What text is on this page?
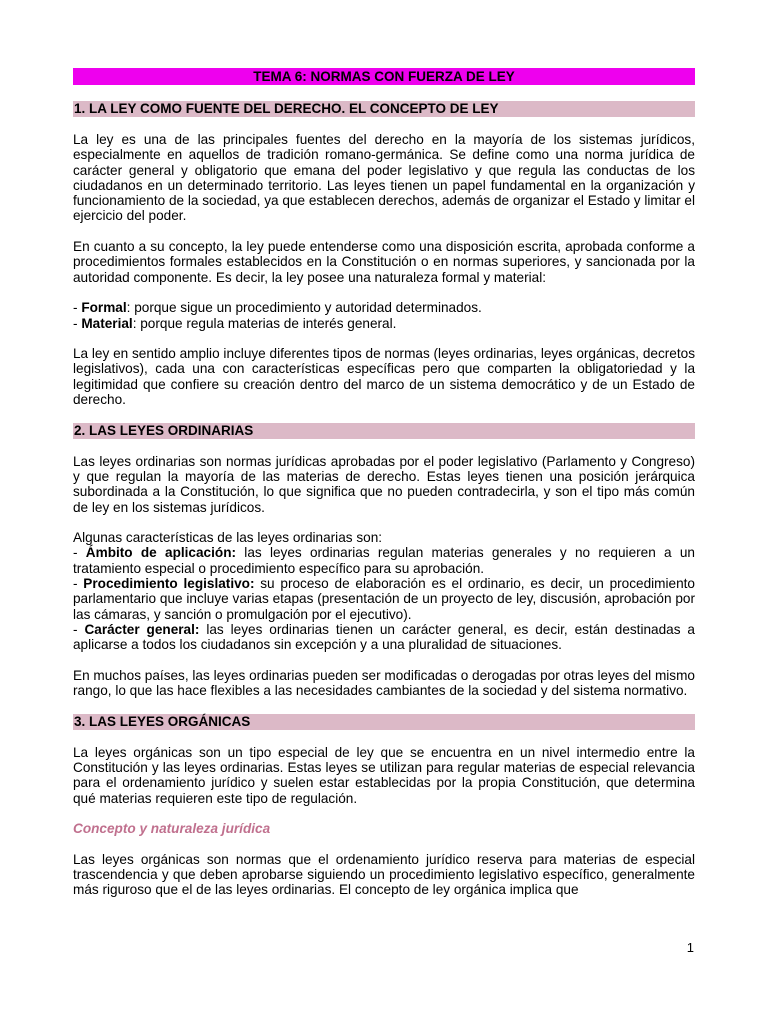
TEMA 6: NORMAS CON FUERZA DE LEY
1. LA LEY COMO FUENTE DEL DERECHO. EL CONCEPTO DE LEY

La ley es una de las principales fuentes del derecho en la mayoría de los sistemas jurídicos, especialmente en aquellos de tradición romano-germánica. Se define como una norma jurídica de carácter general y obligatorio que emana del poder legislativo y que regula las conductas de los ciudadanos en un determinado territorio. Las leyes tienen un papel fundamental en la organización y funcionamiento de la sociedad, ya que establecen derechos, además de organizar el Estado y limitar el ejercicio del poder.

En cuanto a su concepto, la ley puede entenderse como una disposición escrita, aprobada conforme a procedimientos formales establecidos en la Constitución o en normas superiores, y sancionada por la autoridad componente. Es decir, la ley posee una naturaleza formal y material:

- Formal: porque sigue un procedimiento y autoridad determinados.
- Material: porque regula materias de interés general.

La ley en sentido amplio incluye diferentes tipos de normas (leyes ordinarias, leyes orgánicas, decretos legislativos), cada una con características específicas pero que comparten la obligatoriedad y la legitimidad que confiere su creación dentro del marco de un sistema democrático y de un Estado de derecho.

2. LAS LEYES ORDINARIAS

Las leyes ordinarias son normas jurídicas aprobadas por el poder legislativo (Parlamento y Congreso) y que regulan la mayoría de las materias de derecho. Estas leyes tienen una posición jerárquica subordinada a la Constitución, lo que significa que no pueden contradecirla, y son el tipo más común de ley en los sistemas jurídicos.

Algunas características de las leyes ordinarias son:
- Ámbito de aplicación: las leyes ordinarias regulan materias generales y no requieren a un tratamiento especial o procedimiento específico para su aprobación.
- Procedimiento legislativo: su proceso de elaboración es el ordinario, es decir, un procedimiento parlamentario que incluye varias etapas (presentación de un proyecto de ley, discusión, aprobación por las cámaras, y sanción o promulgación por el ejecutivo).
- Carácter general: las leyes ordinarias tienen un carácter general, es decir, están destinadas a aplicarse a todos los ciudadanos sin excepción y a una pluralidad de situaciones.

En muchos países, las leyes ordinarias pueden ser modificadas o derogadas por otras leyes del mismo rango, lo que las hace flexibles a las necesidades cambiantes de la sociedad y del sistema normativo.

3. LAS LEYES ORGÁNICAS

La leyes orgánicas son un tipo especial de ley que se encuentra en un nivel intermedio entre la Constitución y las leyes ordinarias. Estas leyes se utilizan para regular materias de especial relevancia para el ordenamiento jurídico y suelen estar establecidas por la propia Constitución, que determina qué materias requieren este tipo de regulación.

Concepto y naturaleza jurídica

Las leyes orgánicas son normas que el ordenamiento jurídico reserva para materias de especial trascendencia y que deben aprobarse siguiendo un procedimiento legislativo específico, generalmente más riguroso que el de las leyes ordinarias. El concepto de ley orgánica implica que

1
